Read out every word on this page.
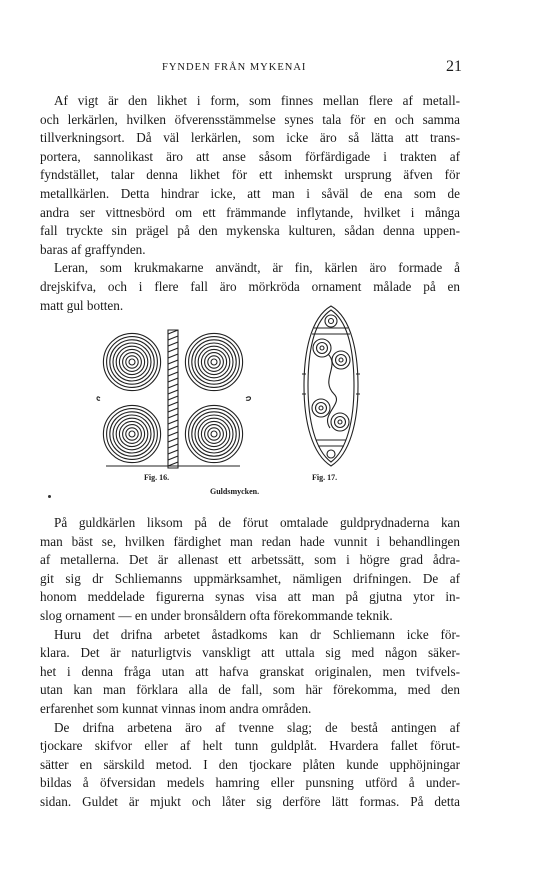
FYNDEN FRÅN MYKENAI	21

Af vigt är den likhet i form, som finnes mellan flere af metall-
och lerkärlen, hvilken öfverensstämmelse synes tala för en och samma
tillverkningsort. Då väl lerkärlen, som icke äro så lätta att trans-
portera, sannolikast äro att anse såsom förfärdigade i trakten af
fyndstället, talar denna likhet för ett inhemskt ursprung äfven för
metallkärlen. Detta hindrar icke, att man i såväl de ena som de
andra ser vittnesbörd om ett främmande inflytande, hvilket i många
fall tryckte sin prägel på den mykenska kulturen, sådan denna uppen-
baras af graffynden.

Leran, som krukmakarne användt, är fin, kärlen äro formade å
drejskifva, och i flere fall äro mörkröda ornament målade på en
matt gul botten.

Fig. 16.	Fig. 17.
Guldsmycken.

På guldkärlen liksom på de förut omtalade guldprydnaderna kan
man bäst se, hvilken färdighet man redan hade vunnit i behandlingen
af metallerna. Det är allenast ett arbetssätt, som i högre grad ådra-
git sig dr Schliemanns uppmärksamhet, nämligen drifningen. De af
honom meddelade figurerna synas visa att man på gjutna ytor in-
slog ornament — en under bronsåldern ofta förekommande teknik.

Huru det drifna arbetet åstadkoms kan dr Schliemann icke för-
klara. Det är naturligtvis vanskligt att uttala sig med någon säker-
het i denna fråga utan att hafva granskat originalen, men tvifvels-
utan kan man förklara alla de fall, som här förekomma, med den
erfarenhet som kunnat vinnas inom andra områden.

De drifna arbetena äro af tvenne slag; de bestå antingen af
tjockare skifvor eller af helt tunn guldplåt. Hvardera fallet förut-
sätter en särskild metod. I den tjockare plåten kunde upphöjningar
bildas å öfversidan medels hamring eller punsning utförd å under-
sidan. Guldet är mjukt och låter sig derföre lätt formas. På detta
